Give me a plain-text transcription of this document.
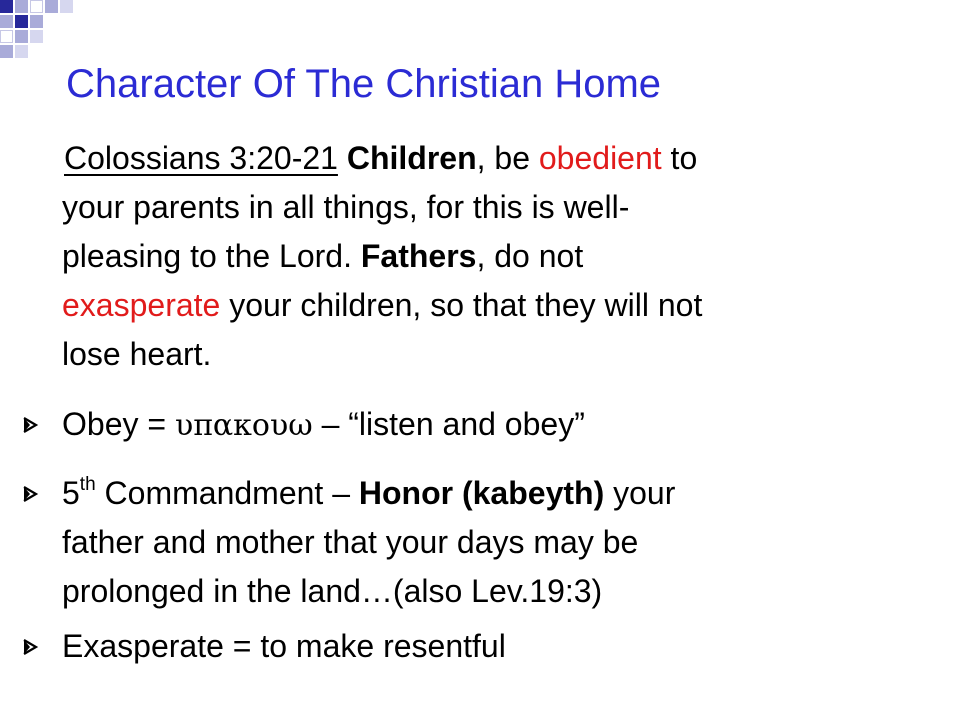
Character Of The Christian Home
Colossians 3:20-21 Children, be obedient to
your parents in all things, for this is well-
pleasing to the Lord. Fathers, do not
exasperate your children, so that they will not
lose heart.
Obey = υπακουω – “listen and obey”
5th Commandment – Honor (kabeyth) your
father and mother that your days may be
prolonged in the land…(also Lev.19:3)
Exasperate = to make resentful
